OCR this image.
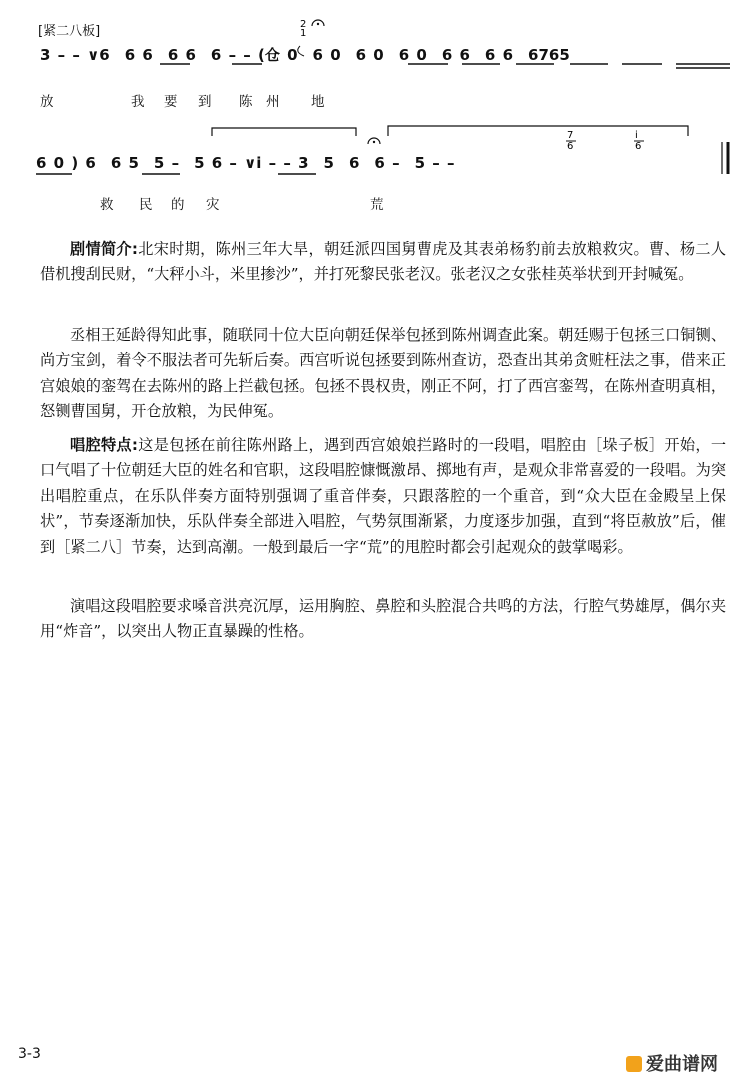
[紧二八板]	2
1
3 – – ∨6　6 6　6 6　6 – – (仓 0　6 0　6 0　6 0　6 6　6 6　6765
放	我 要 到 陈 州 地
7
6
i
6
6 0 ) 6　6 5　5 –　5 6 – ∨i – – 3　5　6　6 –　5 – –
救 民 的 灾	荒
剧情简介:北宋时期，陈州三年大旱，朝廷派四国舅曹虎及其表弟杨豹前去放粮救灾。曹、杨二人借机搜刮民财，“大秤小斗，米里掺沙”，并打死黎民张老汉。张老汉之女张桂英举状到开封喊冤。
丞相王延龄得知此事，随联同十位大臣向朝廷保举包拯到陈州调查此案。朝廷赐于包拯三口铜铡、尚方宝剑，着令不服法者可先斩后奏。西宫听说包拯要到陈州查访，恐查出其弟贪赃枉法之事，借来正宫娘娘的銮驾在去陈州的路上拦截包拯。包拯不畏权贵，刚正不阿，打了西宫銮驾，在陈州查明真相，怒铡曹国舅，开仓放粮，为民伸冤。
唱腔特点:这是包拯在前往陈州路上，遇到西宫娘娘拦路时的一段唱，唱腔由［垛子板］开始，一口气唱了十位朝廷大臣的姓名和官职，这段唱腔慷慨激昂、掷地有声，是观众非常喜爱的一段唱。为突出唱腔重点，在乐队伴奏方面特别强调了重音伴奏，只跟落腔的一个重音，到“众大臣在金殿呈上保状”，节奏逐渐加快，乐队伴奏全部进入唱腔，气势氛围渐紧，力度逐步加强，直到“将臣赦放”后，催到［紧二八］节奏，达到高潮。一般到最后一字“荒”的甩腔时都会引起观众的鼓掌喝彩。
演唱这段唱腔要求嗓音洪亮沉厚，运用胸腔、鼻腔和头腔混合共鸣的方法，行腔气势雄厚，偶尔夹用“炸音”，以突出人物正直暴躁的性格。
3-3	爱曲谱网
